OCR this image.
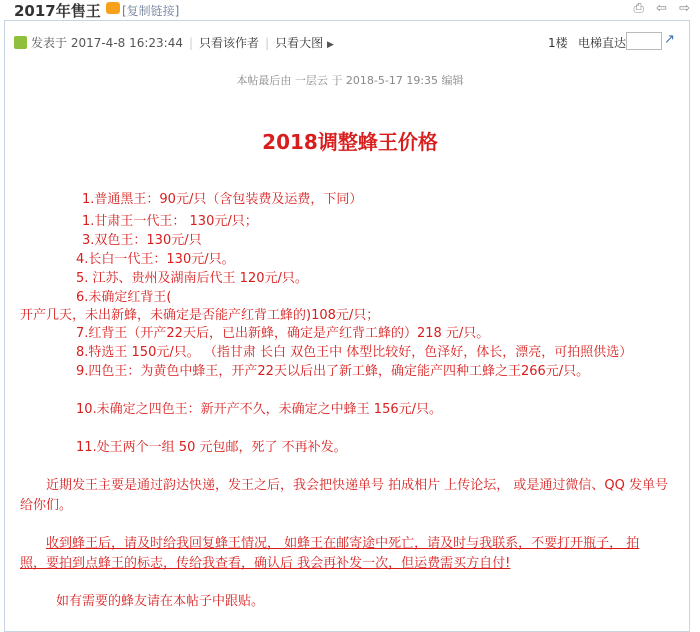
2017年售王 [复制链接]	⎙ ⇦ ⇨
发表于 2017-4-8 16:23:44 | 只看该作者 | 只看大图 ▶	1楼 电梯直达	↗
本帖最后由 一层云 于 2018-5-17 19:35 编辑
2018调整蜂王价格
1.普通黑王：90元/只（含包装费及运费，下同）
1.甘肃王一代王： 130元/只；
3.双色王：130元/只
4.长白一代王：130元/只。
5. 江苏、贵州及湖南后代王 120元/只。
6.未确定红背王(
开产几天，未出新蜂，未确定是否能产红背工蜂的)108元/只；
7.红背王（开产22天后，已出新蜂，确定是产红背工蜂的）218 元/只。
8.特选王 150元/只。 （指甘肃 长白 双色王中 体型比较好，色泽好，体长，漂亮，可拍照供选）
9.四色王：为黄色中蜂王，开产22天以后出了新工蜂，确定能产四种工蜂之王266元/只。
10.未确定之四色王：新开产不久，未确定之中蜂王 156元/只。
11.处王两个一组 50 元包邮，死了 不再补发。
近期发王主要是通过韵达快递，发王之后，我会把快递单号 拍成相片 上传论坛， 或是通过微信、QQ 发单号
给你们。
收到蜂王后，请及时给我回复蜂王情况， 如蜂王在邮寄途中死亡，请及时与我联系，不要打开瓶子， 拍
照，要拍到点蜂王的标志，传给我查看，确认后 我会再补发一次，但运费需买方自付!
如有需要的蜂友请在本帖子中跟贴。
